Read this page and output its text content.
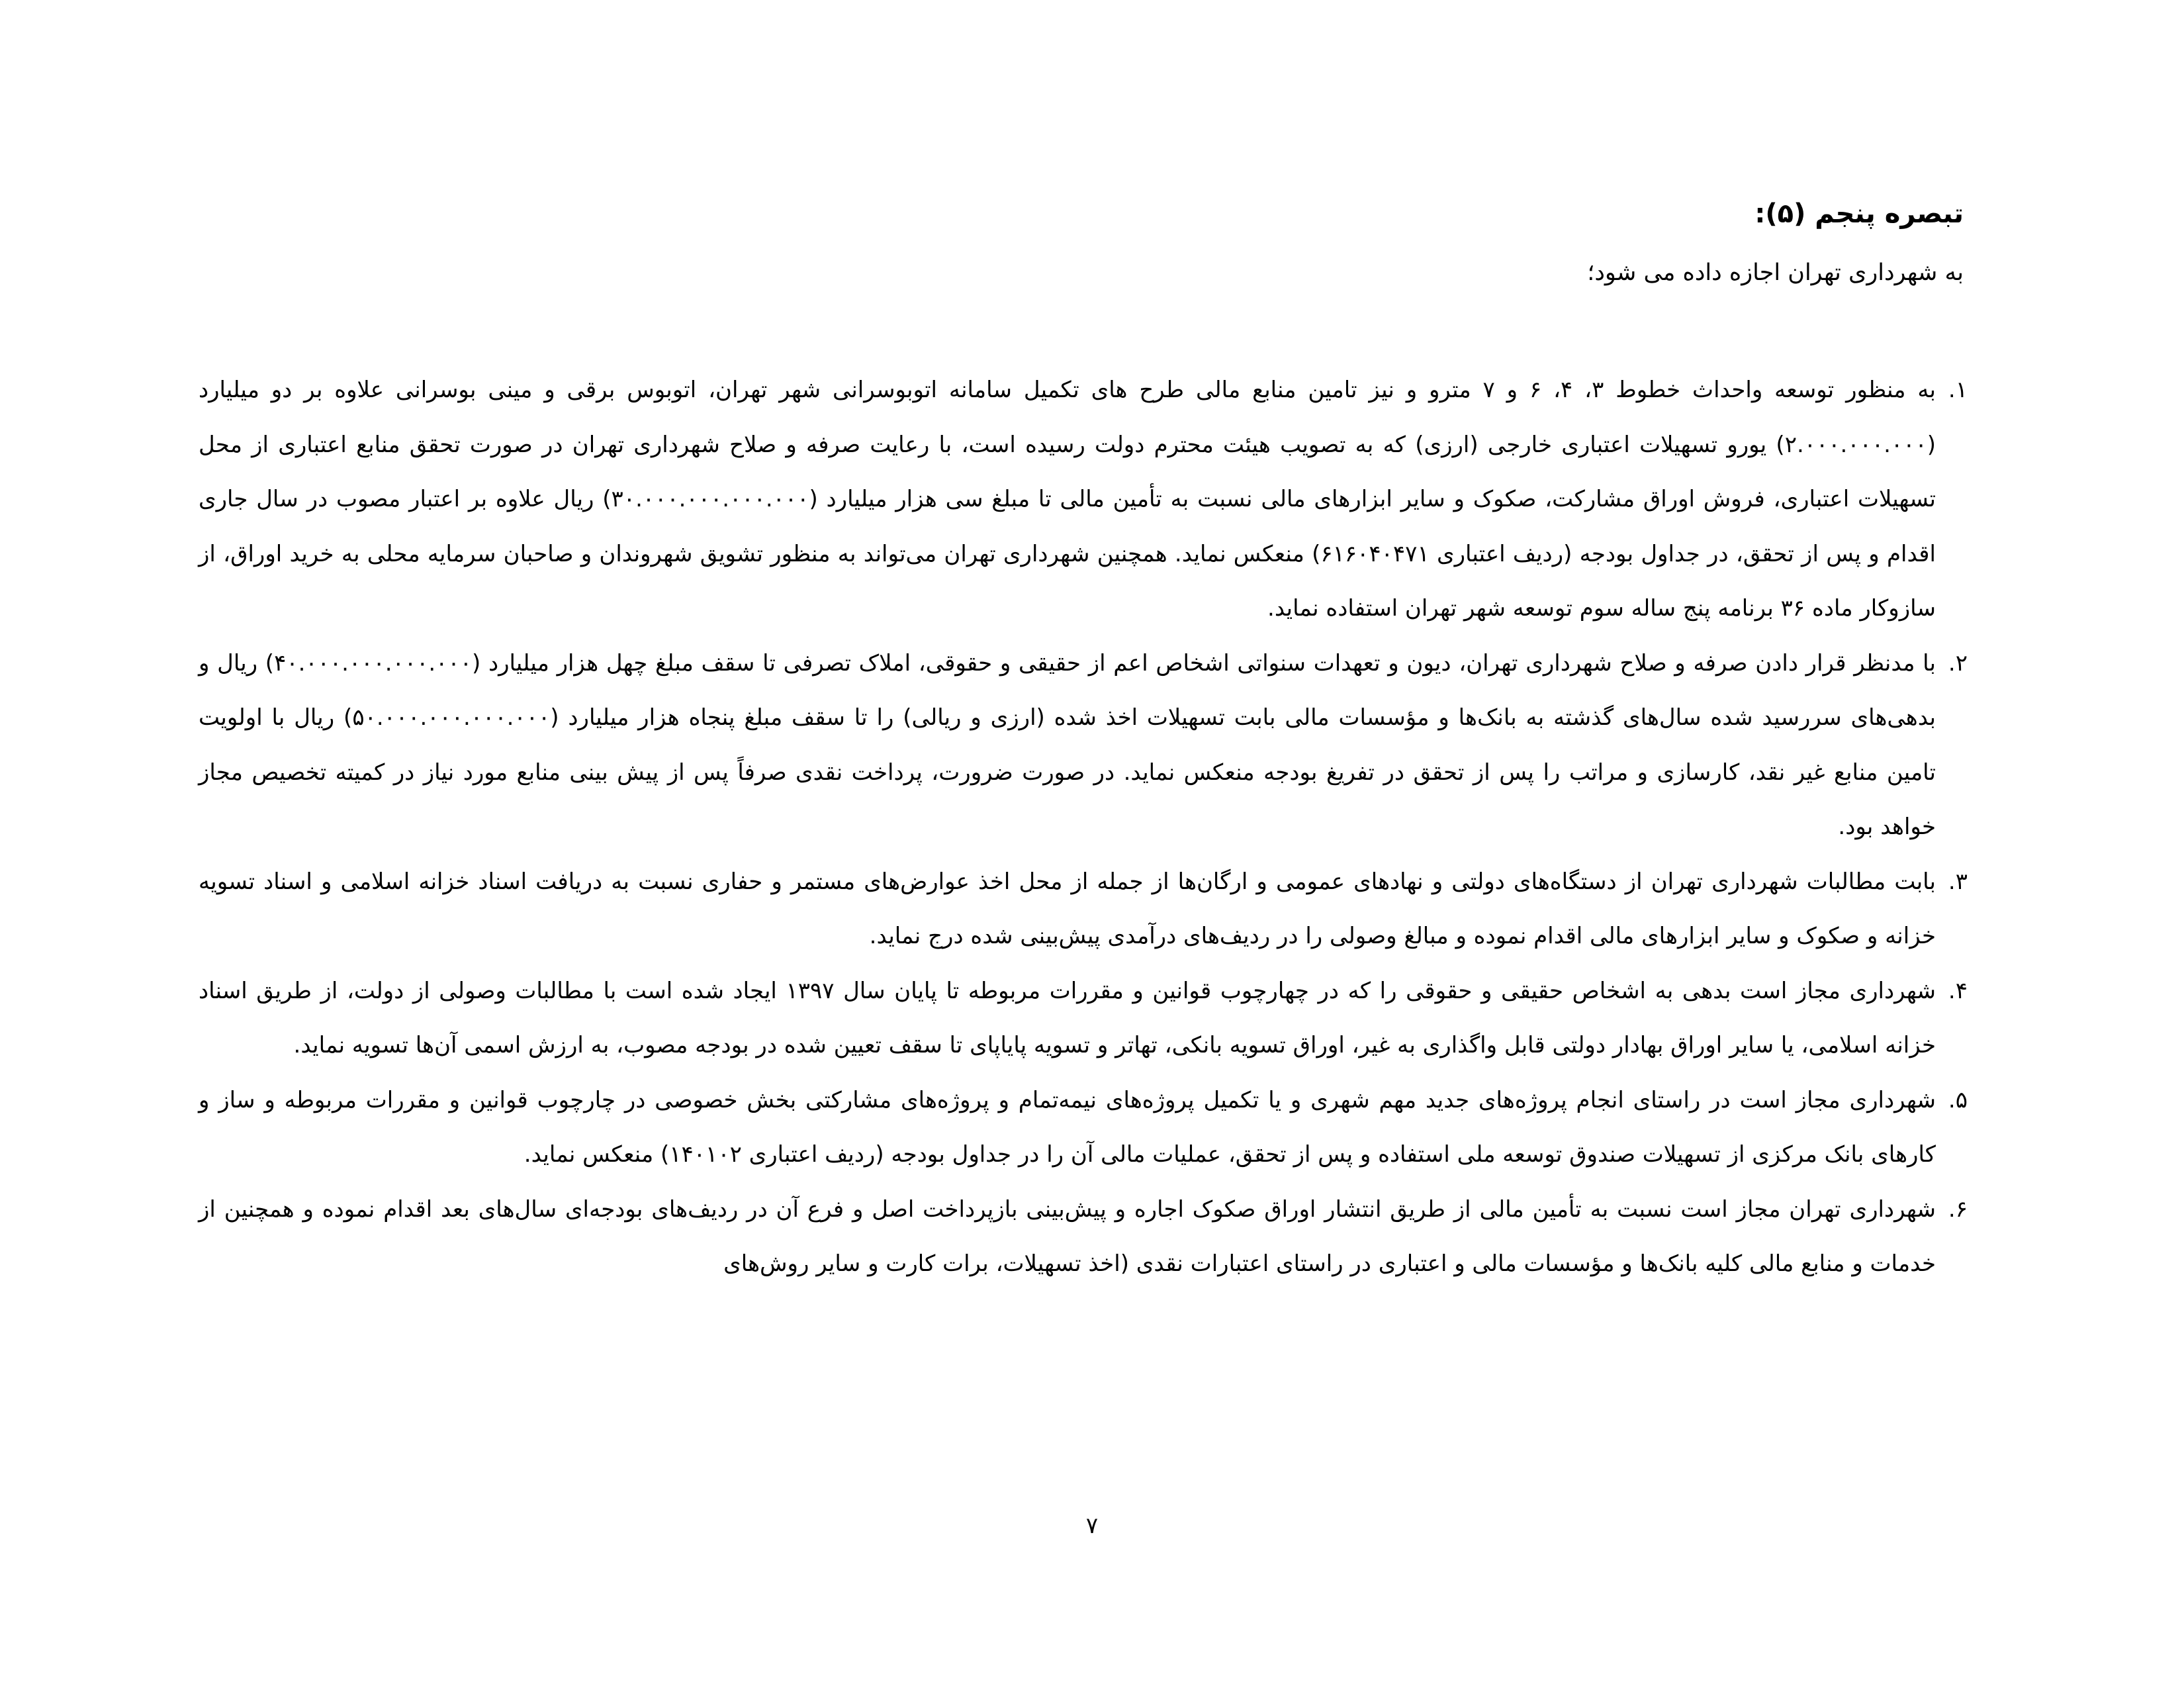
تبصره پنجم (۵):

به شهرداری تهران اجازه داده می شود؛

۱.
به منظور توسعه واحداث خطوط ۳، ۴، ۶ و ۷ مترو و نیز تامین منابع مالی طرح های تکمیل سامانه اتوبوسرانی شهر تهران، اتوبوس برقی و مینی بوسرانی علاوه بر دو میلیارد (۲.۰۰۰.۰۰۰.۰۰۰) یورو تسهیلات اعتباری خارجی (ارزی) که به تصویب هیئت محترم دولت رسیده است، با رعایت صرفه و صلاح شهرداری تهران در صورت تحقق منابع اعتباری از محل تسهیلات اعتباری، فروش اوراق مشارکت، صکوک و سایر ابزارهای مالی نسبت به تأمین مالی تا مبلغ سی هزار میلیارد (۳۰.۰۰۰.۰۰۰.۰۰۰.۰۰۰) ریال علاوه بر اعتبار مصوب در سال جاری اقدام و پس از تحقق، در جداول بودجه (ردیف اعتباری ۶۱۶۰۴۰۴۷۱) منعکس نماید. همچنین شهرداری تهران می‌تواند به منظور تشویق شهروندان و صاحبان سرمایه محلی به خرید اوراق، از سازوکار ماده ۳۶ برنامه پنج ساله سوم توسعه شهر تهران استفاده نماید.
۲.
با مدنظر قرار دادن صرفه و صلاح شهرداری تهران، دیون و تعهدات سنواتی اشخاص اعم از حقیقی و حقوقی، املاک تصرفی تا سقف مبلغ چهل هزار میلیارد (۴۰.۰۰۰.۰۰۰.۰۰۰.۰۰۰) ریال و بدهی‌های سررسید شده سال‌های گذشته به بانک‌ها و مؤسسات مالی بابت تسهیلات اخذ شده (ارزی و ریالی) را تا سقف مبلغ پنجاه هزار میلیارد (۵۰.۰۰۰.۰۰۰.۰۰۰.۰۰۰) ریال با اولویت تامین منابع غیر نقد، کارسازی و مراتب را پس از تحقق در تفریغ بودجه منعکس نماید. در صورت ضرورت، پرداخت نقدی صرفاً پس از پیش بینی منابع مورد نیاز در کمیته تخصیص مجاز خواهد بود.
۳.
بابت مطالبات شهرداری تهران از دستگاه‌های دولتی و نهادهای عمومی و ارگان‌ها از جمله از محل اخذ عوارض‌های مستمر و حفاری نسبت به دریافت اسناد خزانه اسلامی و اسناد تسویه خزانه و صکوک و سایر ابزارهای مالی اقدام نموده و مبالغ وصولی را در ردیف‌های درآمدی پیش‌بینی شده درج نماید.
۴.
شهرداری مجاز است بدهی به اشخاص حقیقی و حقوقی را که در چهارچوب قوانین و مقررات مربوطه تا پایان سال ۱۳۹۷ ایجاد شده است با مطالبات وصولی از دولت، از طریق اسناد خزانه اسلامی، یا سایر اوراق بهادار دولتی قابل واگذاری به غیر، اوراق تسویه بانکی، تهاتر و تسویه پایاپای تا سقف تعیین شده در بودجه مصوب، به ارزش اسمی آن‌ها تسویه نماید.
۵.
شهرداری مجاز است در راستای انجام پروژه‌های جدید مهم شهری و یا تکمیل پروژه‌های نیمه‌تمام و پروژه‌های مشارکتی بخش خصوصی در چارچوب قوانین و مقررات مربوطه و ساز و کارهای بانک مرکزی از تسهیلات صندوق توسعه ملی استفاده و پس از تحقق، عملیات مالی آن را در جداول بودجه (ردیف اعتباری ۱۴۰۱۰۲) منعکس نماید.
۶.
شهرداری تهران مجاز است نسبت به تأمین مالی از طریق انتشار اوراق صکوک اجاره و پیش‌بینی بازپرداخت اصل و فرع آن در ردیف‌های بودجه‌ای سال‌های بعد اقدام نموده و همچنین از خدمات و منابع مالی کلیه بانک‌ها و مؤسسات مالی و اعتباری در راستای اعتبارات نقدی (اخذ تسهیلات، برات کارت و سایر روش‌های
۷
